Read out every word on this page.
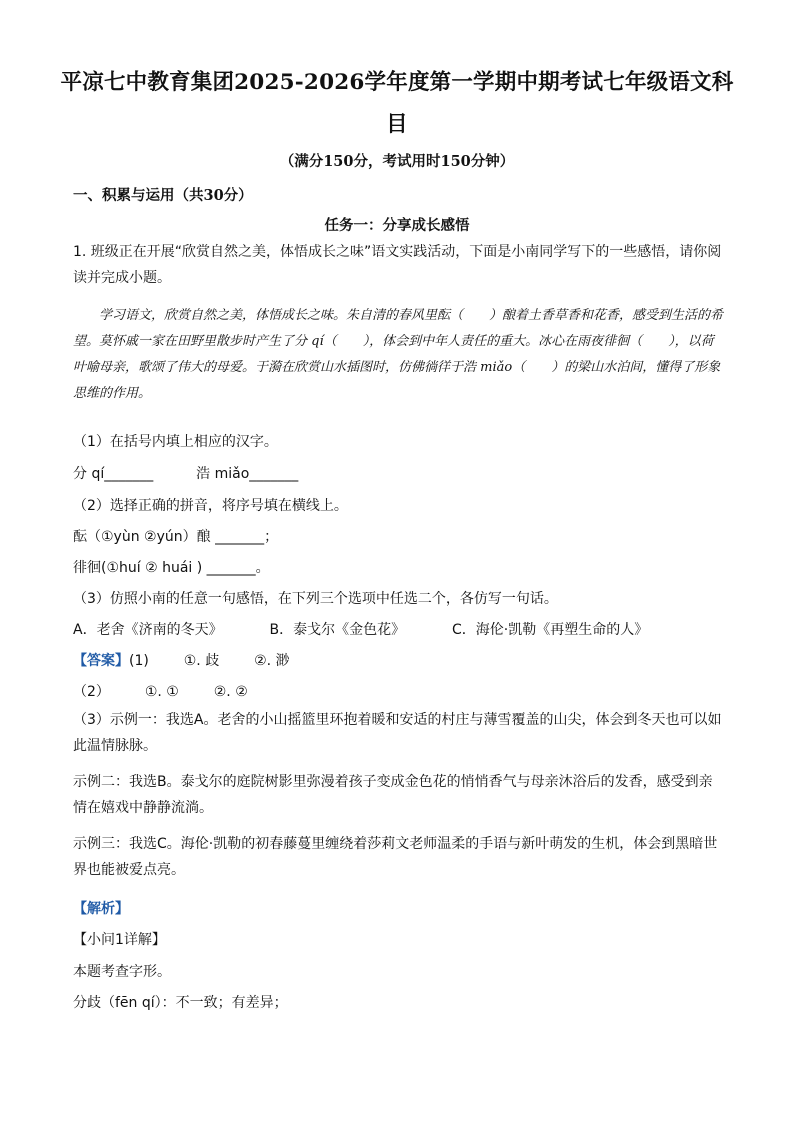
平凉七中教育集团2025-2026学年度第一学期中期考试七年级语文科
目
（满分150分，考试用时150分钟）
一、积累与运用（共30分）
任务一：分享成长感悟
1. 班级正在开展“欣赏自然之美，体悟成长之味”语文实践活动，下面是小南同学写下的一些感悟，请你阅读并完成小题。
学习语文，欣赏自然之美，体悟成长之味。朱自清的春风里酝（　　）酿着土香草香和花香，感受到生活的希望。莫怀戚一家在田野里散步时产生了分 qí（　　），体会到中年人责任的重大。冰心在雨夜徘徊（　　），以荷叶喻母亲，歌颂了伟大的母爱。于漪在欣赏山水插图时，仿佛徜徉于浩 miǎo（　　）的梁山水泊间，懂得了形象思维的作用。
（1）在括号内填上相应的汉字。
分 qí_______	浩 miǎo_______
（2）选择正确的拼音，将序号填在横线上。
酝（①yùn ②yún）酿 _______；
徘徊(①huí ② huái ) _______。
（3）仿照小南的任意一句感悟，在下列三个选项中任选二个，各仿写一句话。
A．老舍《济南的冬天》	B．泰戈尔《金色花》	C．海伦·凯勒《再塑生命的人》
【答案】(1) ①. 歧 ②. 渺
（2） ①. ① ②. ②
（3）示例一：我选A。老舍的小山摇篮里环抱着暖和安适的村庄与薄雪覆盖的山尖，体会到冬天也可以如此温情脉脉。
示例二：我选B。泰戈尔的庭院树影里弥漫着孩子变成金色花的悄悄香气与母亲沐浴后的发香，感受到亲情在嬉戏中静静流淌。
示例三：我选C。海伦·凯勒的初春藤蔓里缠绕着莎莉文老师温柔的手语与新叶萌发的生机，体会到黑暗世界也能被爱点亮。
【解析】
【小问1详解】
本题考查字形。
分歧（fēn qí）：不一致；有差异；
